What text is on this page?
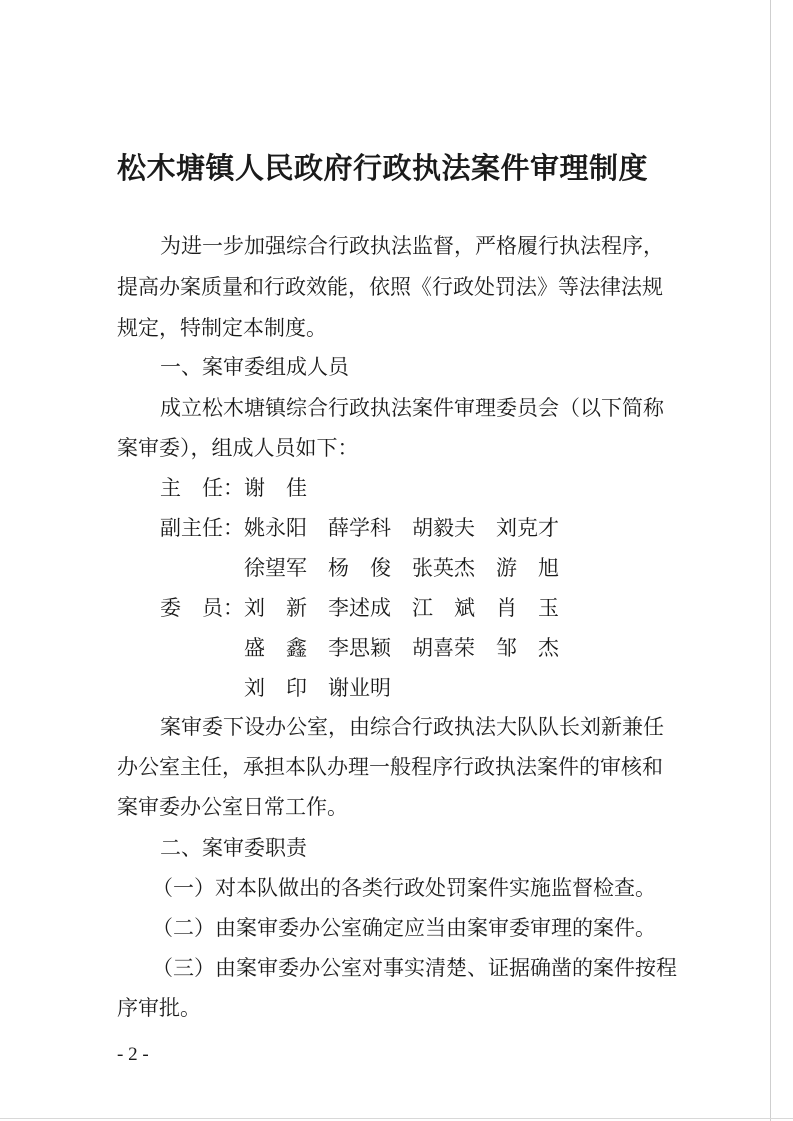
松木塘镇人民政府行政执法案件审理制度
为进一步加强综合行政执法监督，严格履行执法程序，
提高办案质量和行政效能，依照《行政处罚法》等法律法规
规定，特制定本制度。
一、案审委组成人员
成立松木塘镇综合行政执法案件审理委员会（以下简称
案审委），组成人员如下：
主　任： 谢　佳
副主任： 姚永阳 薛学科 胡毅夫 刘克才
徐望军 杨　俊 张英杰 游　旭
委　员： 刘　新 李述成 江　斌 肖　玉
盛　鑫 李思颖 胡喜荣 邹　杰
刘　印 谢业明
案审委下设办公室，由综合行政执法大队队长刘新兼任
办公室主任，承担本队办理一般程序行政执法案件的审核和
案审委办公室日常工作。
二、案审委职责
（一）对本队做出的各类行政处罚案件实施监督检查。
（二）由案审委办公室确定应当由案审委审理的案件。
（三）由案审委办公室对事实清楚、证据确凿的案件按程
序审批。
- 2 -
